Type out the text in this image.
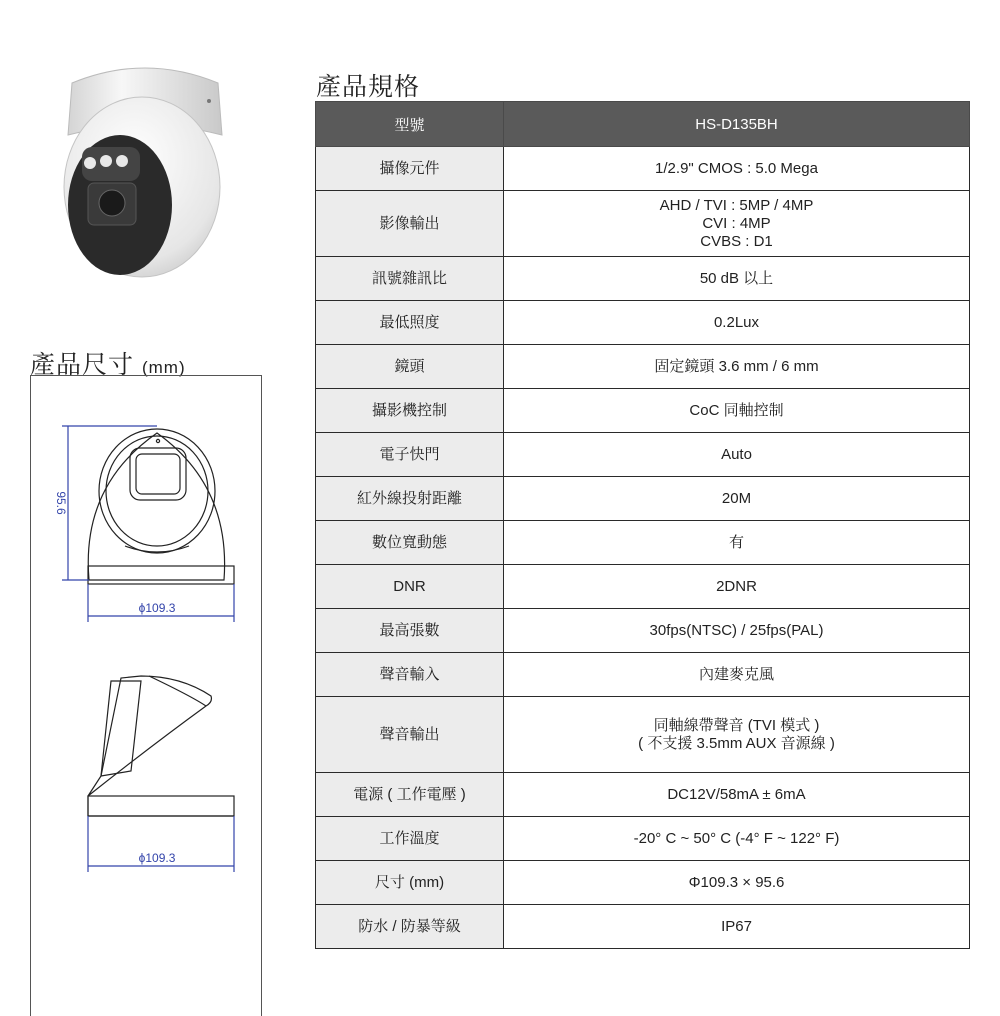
產品規格
型號	HS-D135BH
攝像元件	1/2.9" CMOS : 5.0 Mega
影像輸出	AHD / TVI : 5MP / 4MP
CVI : 4MP
CVBS : D1
訊號雜訊比	50 dB 以上
最低照度	0.2Lux
鏡頭	固定鏡頭 3.6 mm / 6 mm
攝影機控制	CoC 同軸控制
電子快門	Auto
紅外線投射距離	20M
數位寬動態	有
DNR	2DNR
最高張數	30fps(NTSC) / 25fps(PAL)
聲音輸入	內建麥克風
聲音輸出	同軸線帶聲音 (TVI 模式 )
( 不支援 3.5mm AUX 音源線 )
電源 ( 工作電壓 )	DC12V/58mA ± 6mA
工作溫度	-20° C ~ 50° C (-4° F ~ 122° F)
尺寸 (mm)	Φ109.3 × 95.6
防水 / 防暴等級	IP67
產品尺寸 (mm)
95.6
ϕ109.3
ϕ109.3
